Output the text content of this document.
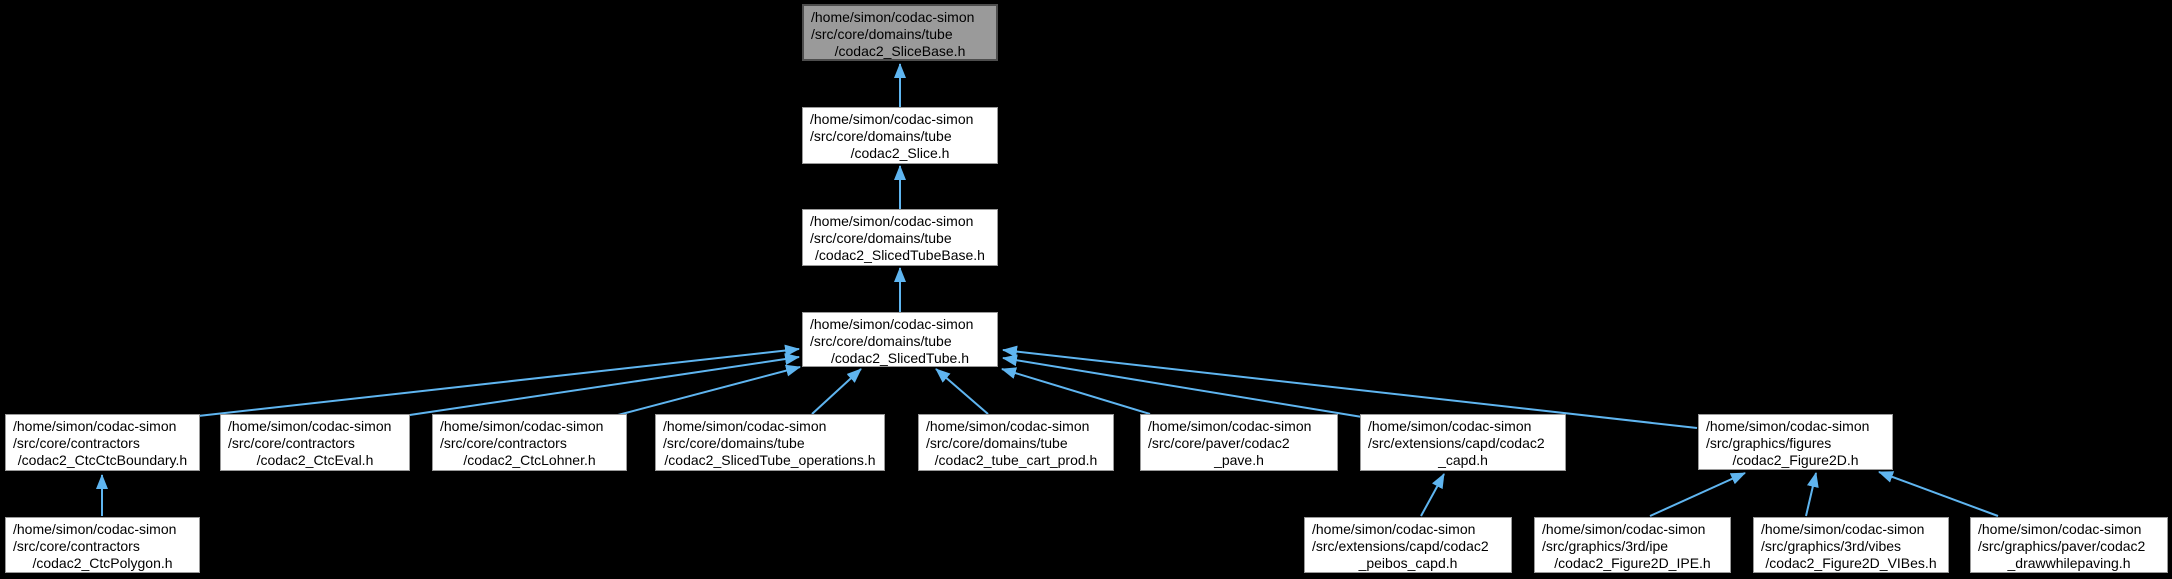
/home/simon/codac-simon
/src/core/domains/tube
/codac2_SliceBase.h
/home/simon/codac-simon
/src/core/domains/tube
/codac2_Slice.h
/home/simon/codac-simon
/src/core/domains/tube
/codac2_SlicedTubeBase.h
/home/simon/codac-simon
/src/core/domains/tube
/codac2_SlicedTube.h
/home/simon/codac-simon
/src/core/contractors
/codac2_CtcCtcBoundary.h
/home/simon/codac-simon
/src/core/contractors
/codac2_CtcEval.h
/home/simon/codac-simon
/src/core/contractors
/codac2_CtcLohner.h
/home/simon/codac-simon
/src/core/domains/tube
/codac2_SlicedTube_operations.h
/home/simon/codac-simon
/src/core/domains/tube
/codac2_tube_cart_prod.h
/home/simon/codac-simon
/src/core/paver/codac2
_pave.h
/home/simon/codac-simon
/src/extensions/capd/codac2
_capd.h
/home/simon/codac-simon
/src/graphics/figures
/codac2_Figure2D.h
/home/simon/codac-simon
/src/core/contractors
/codac2_CtcPolygon.h
/home/simon/codac-simon
/src/extensions/capd/codac2
_peibos_capd.h
/home/simon/codac-simon
/src/graphics/3rd/ipe
/codac2_Figure2D_IPE.h
/home/simon/codac-simon
/src/graphics/3rd/vibes
/codac2_Figure2D_VIBes.h
/home/simon/codac-simon
/src/graphics/paver/codac2
_drawwhilepaving.h
